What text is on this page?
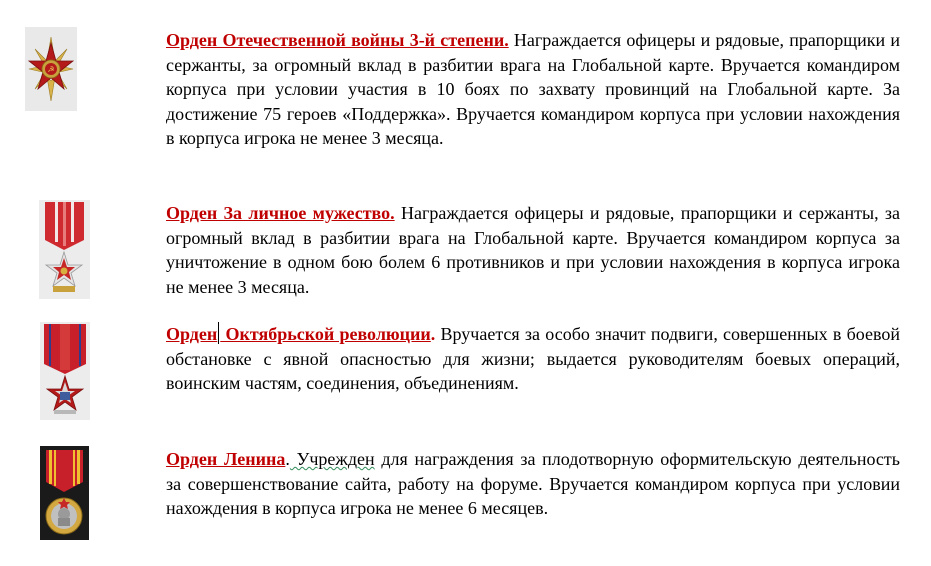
☭
Орден Отечественной войны 3-й степени. Награждается офицеры и рядовые, прапорщики и сержанты, за огромный вклад в разбитии врага на Глобальной карте. Вручается командиром корпуса при условии участия в 10 боях по захвату провинций на Глобальной карте. За достижение 75 героев «Поддержка». Вручается командиром корпуса при условии нахождения в корпуса игрока не менее 3 месяца.
Орден За личное мужество. Награждается офицеры и рядовые, прапорщики и сержанты, за огромный вклад в разбитии врага на Глобальной карте. Вручается командиром корпуса за уничтожение в одном бою болем 6 противников и при условии нахождения в корпуса игрока не менее 3 месяца.
Орден Октябрьской революции. Вручается за особо значит подвиги, совершенных в боевой обстановке с явной опасностью для жизни; выдается руководителям боевых операций, воинским частям, соединения, объединениям.
Орден Ленина. Учрежден для награждения за плодотворную оформительскую деятельность за совершенствование сайта, работу на форуме. Вручается командиром корпуса при условии нахождения в корпуса игрока не менее 6 месяцев.
